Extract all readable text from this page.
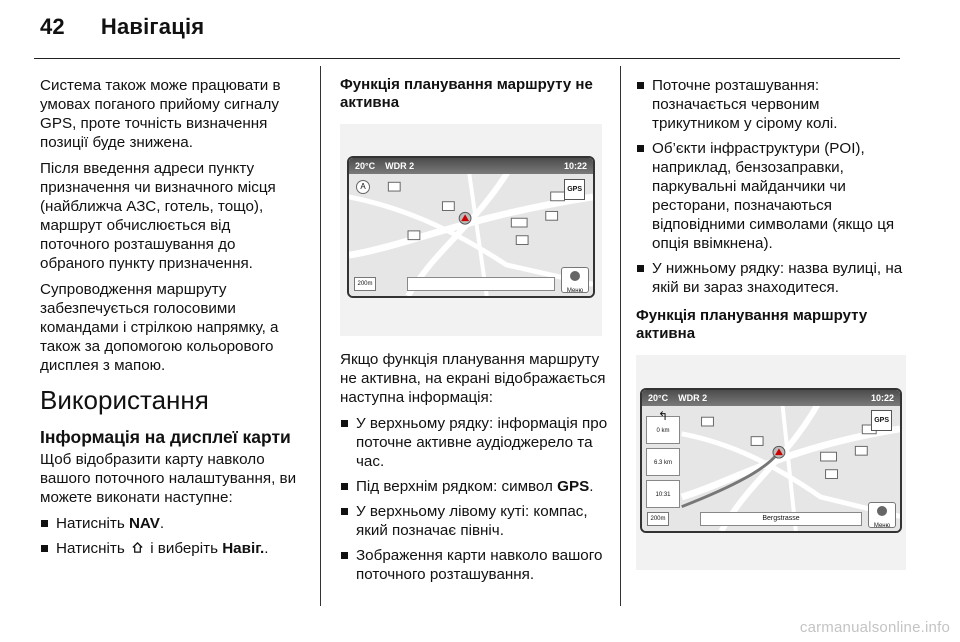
42 Навігація

Система також може працювати в умовах поганого прийому сигналу GPS, проте точність визначення позиції буде знижена.

Після введення адреси пункту призначення чи визначного місця (найближча АЗС, готель, тощо), маршрут обчислюється від поточного розташування до обраного пункту призначення.

Супроводження маршруту забезпечується голосовими командами і стрілкою напрямку, а також за допомогою кольорового дисплея з мапою.

Використання
Інформація на дисплеї карти

Щоб відобразити карту навколо вашого поточного налаштування, ви можете виконати наступне:

Натисніть NAV.
Натисніть  і виберіть Навіг..
Функція планування маршруту не активна
20°C WDR 2	10:22
A	GPS
200m
Меню

Якщо функція планування маршруту не активна, на екрані відображається наступна інформація:

У верхньому рядку: інформація про поточне активне аудіоджерело та час.
Під верхнім рядком: символ GPS.
У верхньому лівому куті: компас, який позначає північ.
Зображення карти навколо вашого поточного розташування.
Поточне розташування: позначається червоним трикутником у сірому колі.
Об’єкти інфраструктури (POI), наприклад, бензозаправки, паркувальні майданчики чи ресторани, позначаються відповідними символами (якщо ця опція ввімкнена).
У нижньому рядку: назва вулиці, на якій ви зараз знаходитеся.
Функція планування маршруту активна
20°C WDR 2	10:22
GPS
↰
0 km
6.3 km
10:31
200m	Bergstrasse
Меню
carmanualsonline.info
